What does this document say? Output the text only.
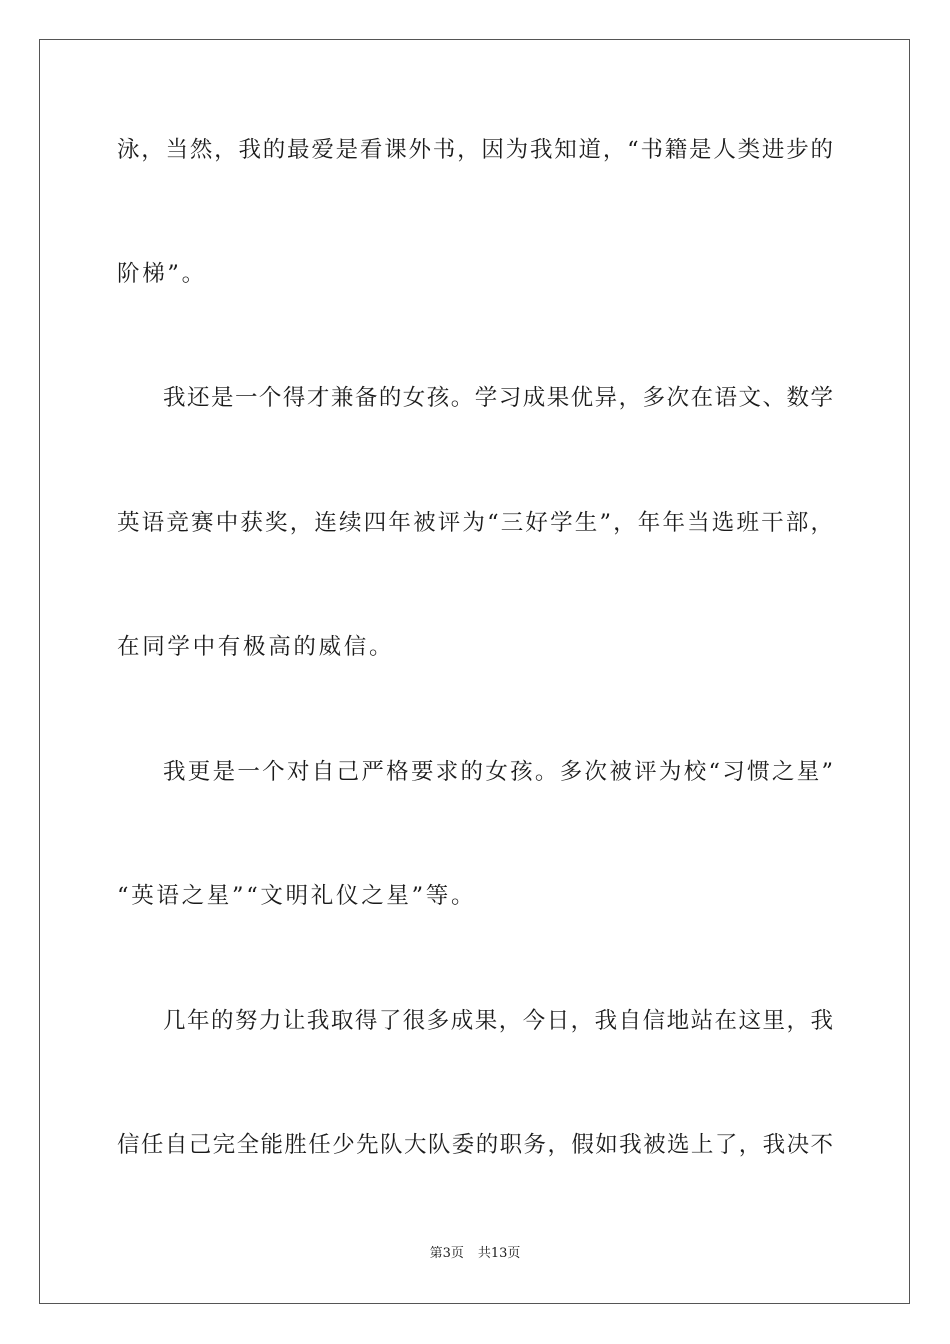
泳，当然，我的最爱是看课外书，因为我知道，“书籍是人类进步的
阶梯”。
我还是一个得才兼备的女孩。学习成果优异，多次在语文、数学
英语竞赛中获奖，连续四年被评为“三好学生”，年年当选班干部，
在同学中有极高的威信。
我更是一个对自己严格要求的女孩。多次被评为校“习惯之星”
“英语之星”“文明礼仪之星”等。
几年的努力让我取得了很多成果，今日，我自信地站在这里，我
信任自己完全能胜任少先队大队委的职务，假如我被选上了，我决不
第3页 共13页
